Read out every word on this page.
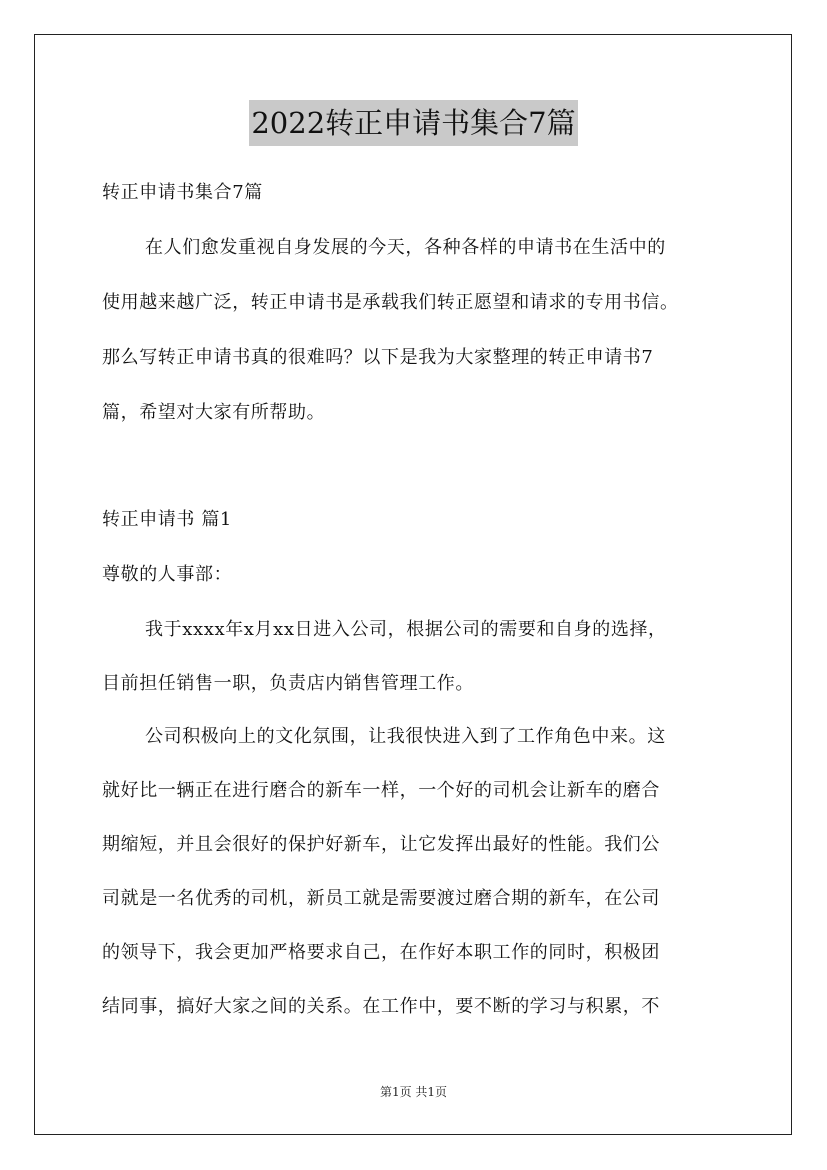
2022转正申请书集合7篇
转正申请书集合7篇
在人们愈发重视自身发展的今天，各种各样的申请书在生活中的
使用越来越广泛，转正申请书是承载我们转正愿望和请求的专用书信。
那么写转正申请书真的很难吗？以下是我为大家整理的转正申请书7
篇，希望对大家有所帮助。
转正申请书 篇1
尊敬的人事部：
我于xxxx年x月xx日进入公司，根据公司的需要和自身的选择，
目前担任销售一职，负责店内销售管理工作。
公司积极向上的文化氛围，让我很快进入到了工作角色中来。这
就好比一辆正在进行磨合的新车一样，一个好的司机会让新车的磨合
期缩短，并且会很好的保护好新车，让它发挥出最好的性能。我们公
司就是一名优秀的司机，新员工就是需要渡过磨合期的新车，在公司
的领导下，我会更加严格要求自己，在作好本职工作的同时，积极团
结同事，搞好大家之间的关系。在工作中，要不断的学习与积累，不
第1页 共1页
